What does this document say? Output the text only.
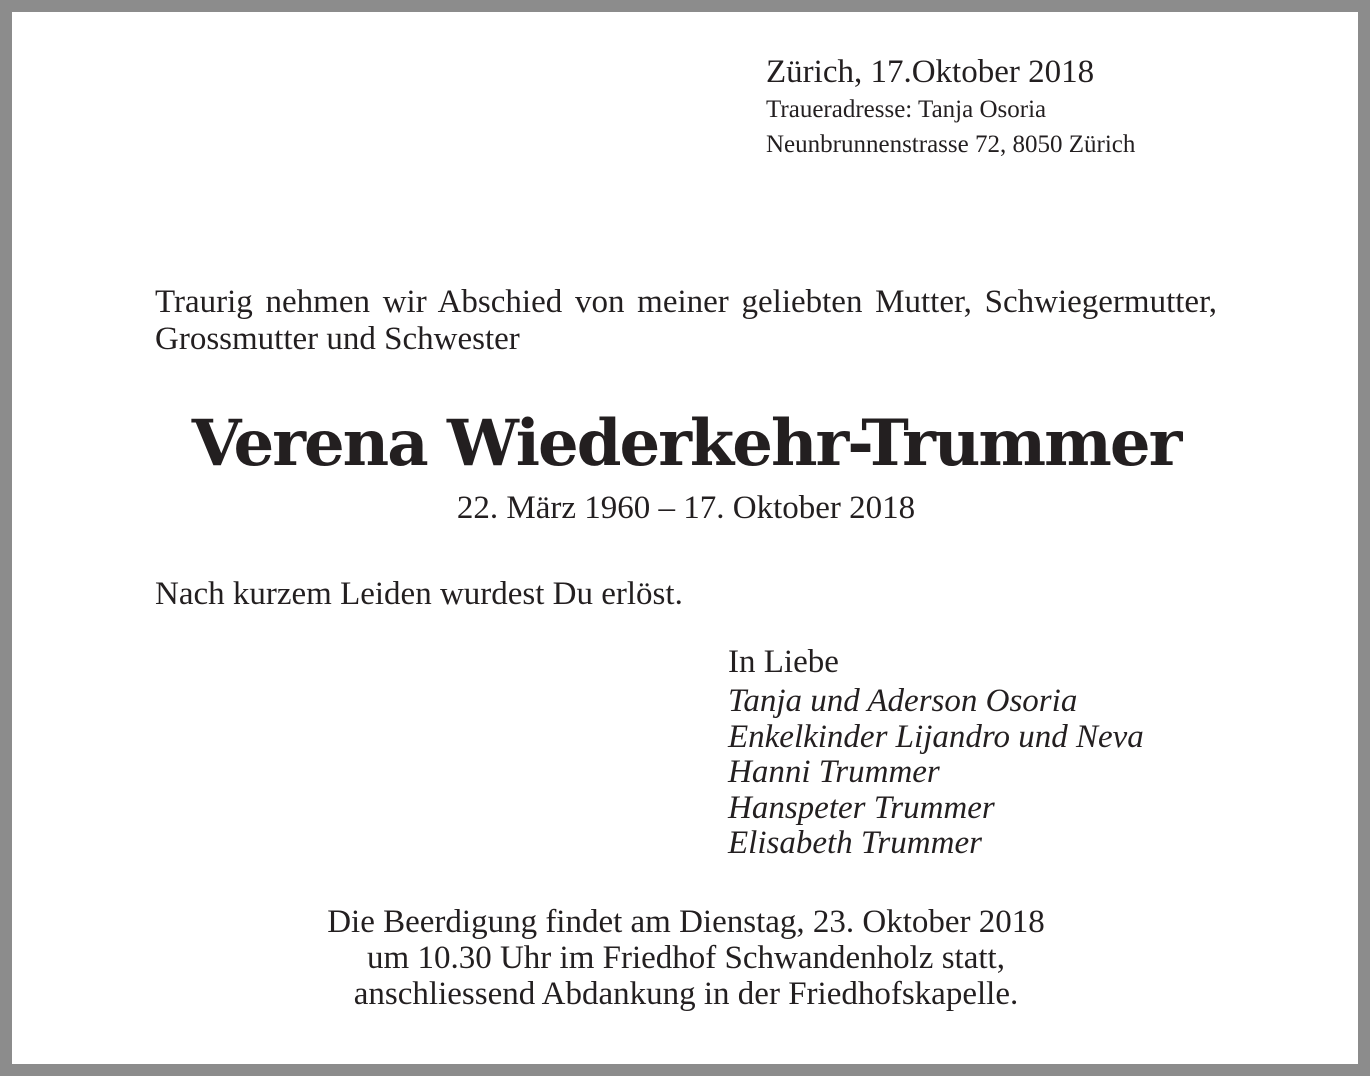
Zürich, 17.Oktober 2018
Traueradresse: Tanja Osoria
Neunbrunnenstrasse 72, 8050 Zürich
Traurig nehmen wir Abschied von meiner geliebten Mutter, Schwiegermutter, Grossmutter und Schwester
Verena Wiederkehr-Trummer
22. März 1960 – 17. Oktober 2018
Nach kurzem Leiden wurdest Du erlöst.
In Liebe
Tanja und Aderson Osoria
Enkelkinder Lijandro und Neva
Hanni Trummer
Hanspeter Trummer
Elisabeth Trummer
Die Beerdigung findet am Dienstag, 23. Oktober 2018
um 10.30 Uhr im Friedhof Schwandenholz statt,
anschliessend Abdankung in der Friedhofskapelle.
